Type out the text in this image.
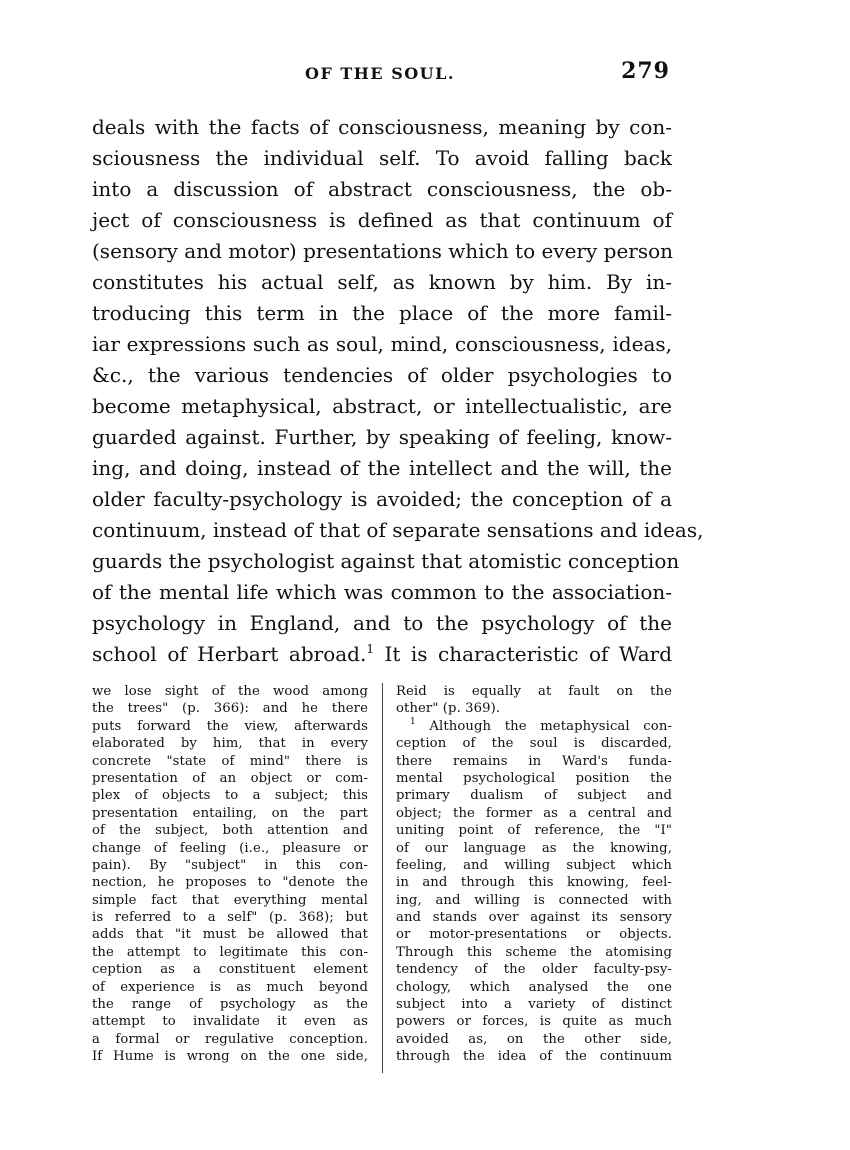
OF THE SOUL.	279
deals with the facts of consciousness, meaning by con-
sciousness the individual self. To avoid falling back
into a discussion of abstract consciousness, the ob-
ject of consciousness is defined as that continuum of
(sensory and motor) presentations which to every person
constitutes his actual self, as known by him. By in-
troducing this term in the place of the more famil-
iar expressions such as soul, mind, consciousness, ideas,
&c., the various tendencies of older psychologies to
become metaphysical, abstract, or intellectualistic, are
guarded against. Further, by speaking of feeling, know-
ing, and doing, instead of the intellect and the will, the
older faculty-psychology is avoided; the conception of a
continuum, instead of that of separate sensations and ideas,
guards the psychologist against that atomistic conception
of the mental life which was common to the association-
psychology in England, and to the psychology of the
school of Herbart abroad.$^1$ It is characteristic of Ward
we lose sight of the wood among
the trees" (p. 366): and he there
puts forward the view, afterwards
elaborated by him, that in every
concrete "state of mind" there is
presentation of an object or com-
plex of objects to a subject; this
presentation entailing, on the part
of the subject, both attention and
change of feeling (i.e., pleasure or
pain). By "subject" in this con-
nection, he proposes to "denote the
simple fact that everything mental
is referred to a self" (p. 368); but
adds that "it must be allowed that
the attempt to legitimate this con-
ception as a constituent element
of experience is as much beyond
the range of psychology as the
attempt to invalidate it even as
a formal or regulative conception.
If Hume is wrong on the one side,
Reid is equally at fault on the
other" (p. 369).
$^1$ Although the metaphysical con-
ception of the soul is discarded,
there remains in Ward's funda-
mental psychological position the
primary dualism of subject and
object; the former as a central and
uniting point of reference, the "I"
of our language as the knowing,
feeling, and willing subject which
in and through this knowing, feel-
ing, and willing is connected with
and stands over against its sensory
or motor-presentations or objects.
Through this scheme the atomising
tendency of the older faculty-psy-
chology, which analysed the one
subject into a variety of distinct
powers or forces, is quite as much
avoided as, on the other side,
through the idea of the continuum
